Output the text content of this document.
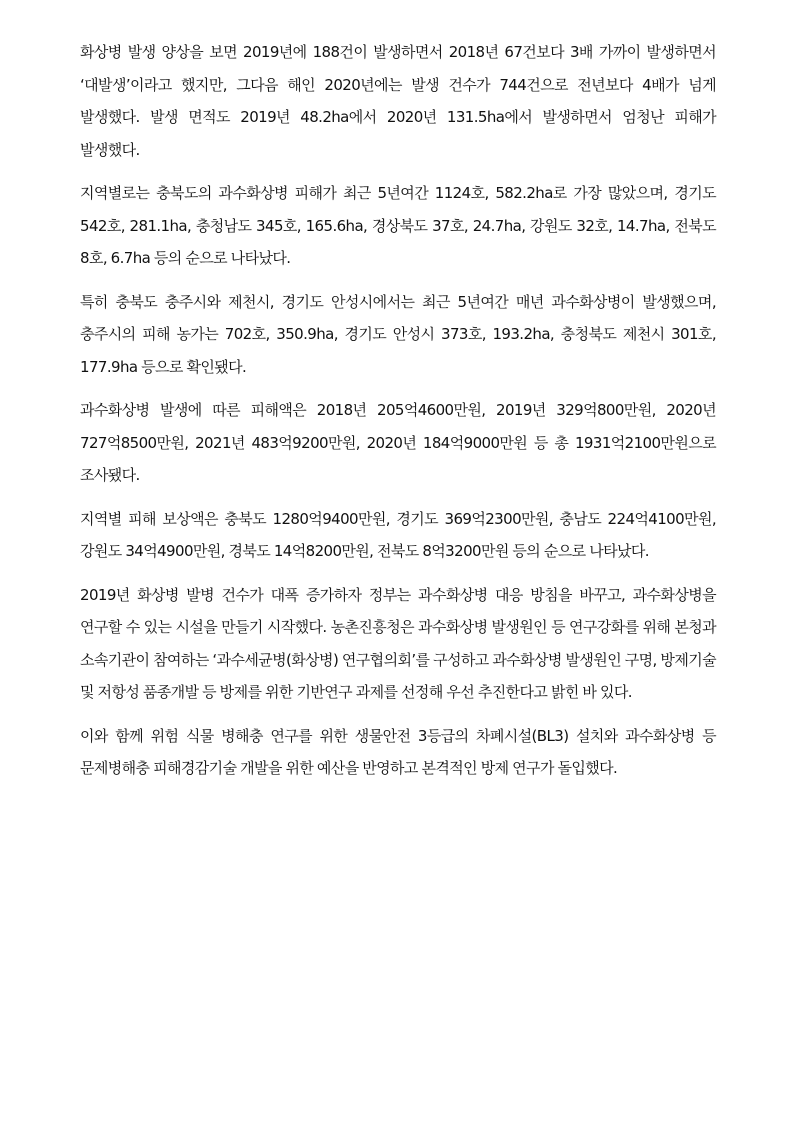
화상병 발생 양상을 보면 2019년에 188건이 발생하면서 2018년 67건보다 3배 가까이 발생하면서 ‘대발생’이라고 했지만, 그다음 해인 2020년에는 발생 건수가 744건으로 전년보다 4배가 넘게 발생했다. 발생 면적도 2019년 48.2ha에서 2020년 131.5ha에서 발생하면서 엄청난 피해가 발생했다.

지역별로는 충북도의 과수화상병 피해가 최근 5년여간 1124호, 582.2ha로 가장 많았으며, 경기도 542호, 281.1ha, 충청남도 345호, 165.6ha, 경상북도 37호, 24.7ha, 강원도 32호, 14.7ha, 전북도 8호, 6.7ha 등의 순으로 나타났다.

특히 충북도 충주시와 제천시, 경기도 안성시에서는 최근 5년여간 매년 과수화상병이 발생했으며, 충주시의 피해 농가는 702호, 350.9ha, 경기도 안성시 373호, 193.2ha, 충청북도 제천시 301호, 177.9ha 등으로 확인됐다.

과수화상병 발생에 따른 피해액은 2018년 205억4600만원, 2019년 329억800만원, 2020년 727억8500만원, 2021년 483억9200만원, 2020년 184억9000만원 등 총 1931억2100만원으로 조사됐다.

지역별 피해 보상액은 충북도 1280억9400만원, 경기도 369억2300만원, 충남도 224억4100만원, 강원도 34억4900만원, 경북도 14억8200만원, 전북도 8억3200만원 등의 순으로 나타났다.

2019년 화상병 발병 건수가 대폭 증가하자 정부는 과수화상병 대응 방침을 바꾸고, 과수화상병을 연구할 수 있는 시설을 만들기 시작했다. 농촌진흥청은 과수화상병 발생원인 등 연구강화를 위해 본청과 소속기관이 참여하는 ‘과수세균병(화상병) 연구협의회’를 구성하고 과수화상병 발생원인 구명, 방제기술 및 저항성 품종개발 등 방제를 위한 기반연구 과제를 선정해 우선 추진한다고 밝힌 바 있다.

이와 함께 위험 식물 병해충 연구를 위한 생물안전 3등급의 차폐시설(BL3) 설치와 과수화상병 등 문제병해충 피해경감기술 개발을 위한 예산을 반영하고 본격적인 방제 연구가 돌입했다.
